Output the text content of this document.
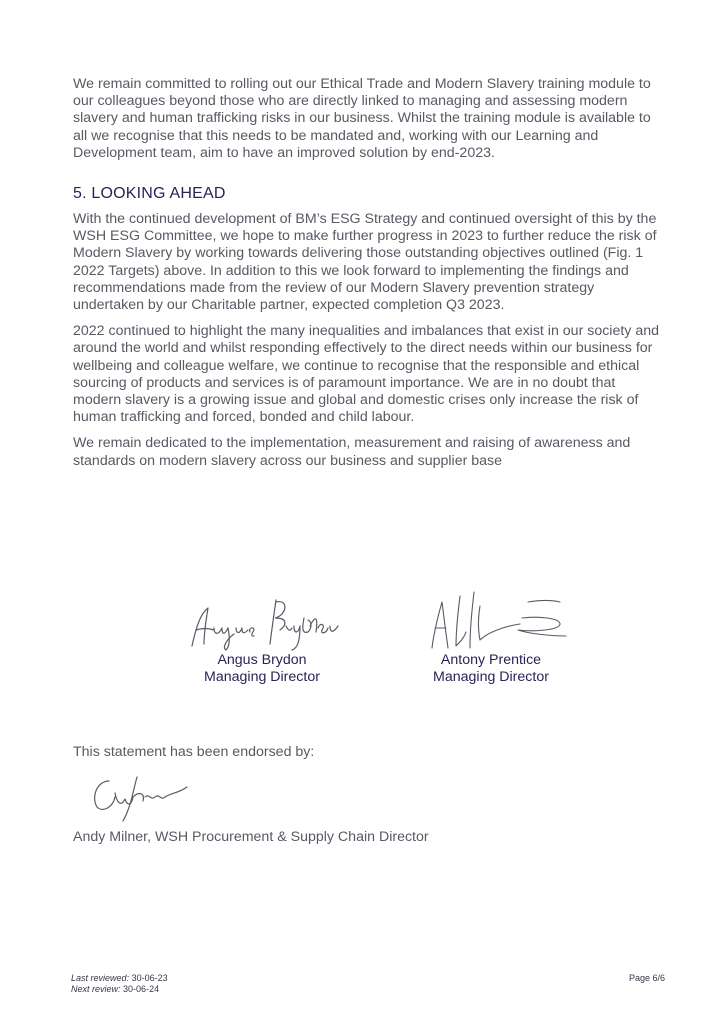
We remain committed to rolling out our Ethical Trade and Modern Slavery training module to our colleagues beyond those who are directly linked to managing and assessing modern slavery and human trafficking risks in our business. Whilst the training module is available to all we recognise that this needs to be mandated and, working with our Learning and Development team, aim to have an improved solution by end-2023.

5. LOOKING AHEAD

With the continued development of BM’s ESG Strategy and continued oversight of this by the WSH ESG Committee, we hope to make further progress in 2023 to further reduce the risk of Modern Slavery by working towards delivering those outstanding objectives outlined (Fig. 1 2022 Targets) above. In addition to this we look forward to implementing the findings and recommendations made from the review of our Modern Slavery prevention strategy undertaken by our Charitable partner, expected completion Q3 2023.

2022 continued to highlight the many inequalities and imbalances that exist in our society and around the world and whilst responding effectively to the direct needs within our business for wellbeing and colleague welfare, we continue to recognise that the responsible and ethical sourcing of products and services is of paramount importance. We are in no doubt that modern slavery is a growing issue and global and domestic crises only increase the risk of human trafficking and forced, bonded and child labour.

We remain dedicated to the implementation, measurement and raising of awareness and standards on modern slavery across our business and supplier base

Angus Brydon
Managing Director
Antony Prentice
Managing Director

This statement has been endorsed by:

Andy Milner, WSH Procurement & Supply Chain Director

Last reviewed: 30-06-23
Next review: 30-06-24
Page 6/6
